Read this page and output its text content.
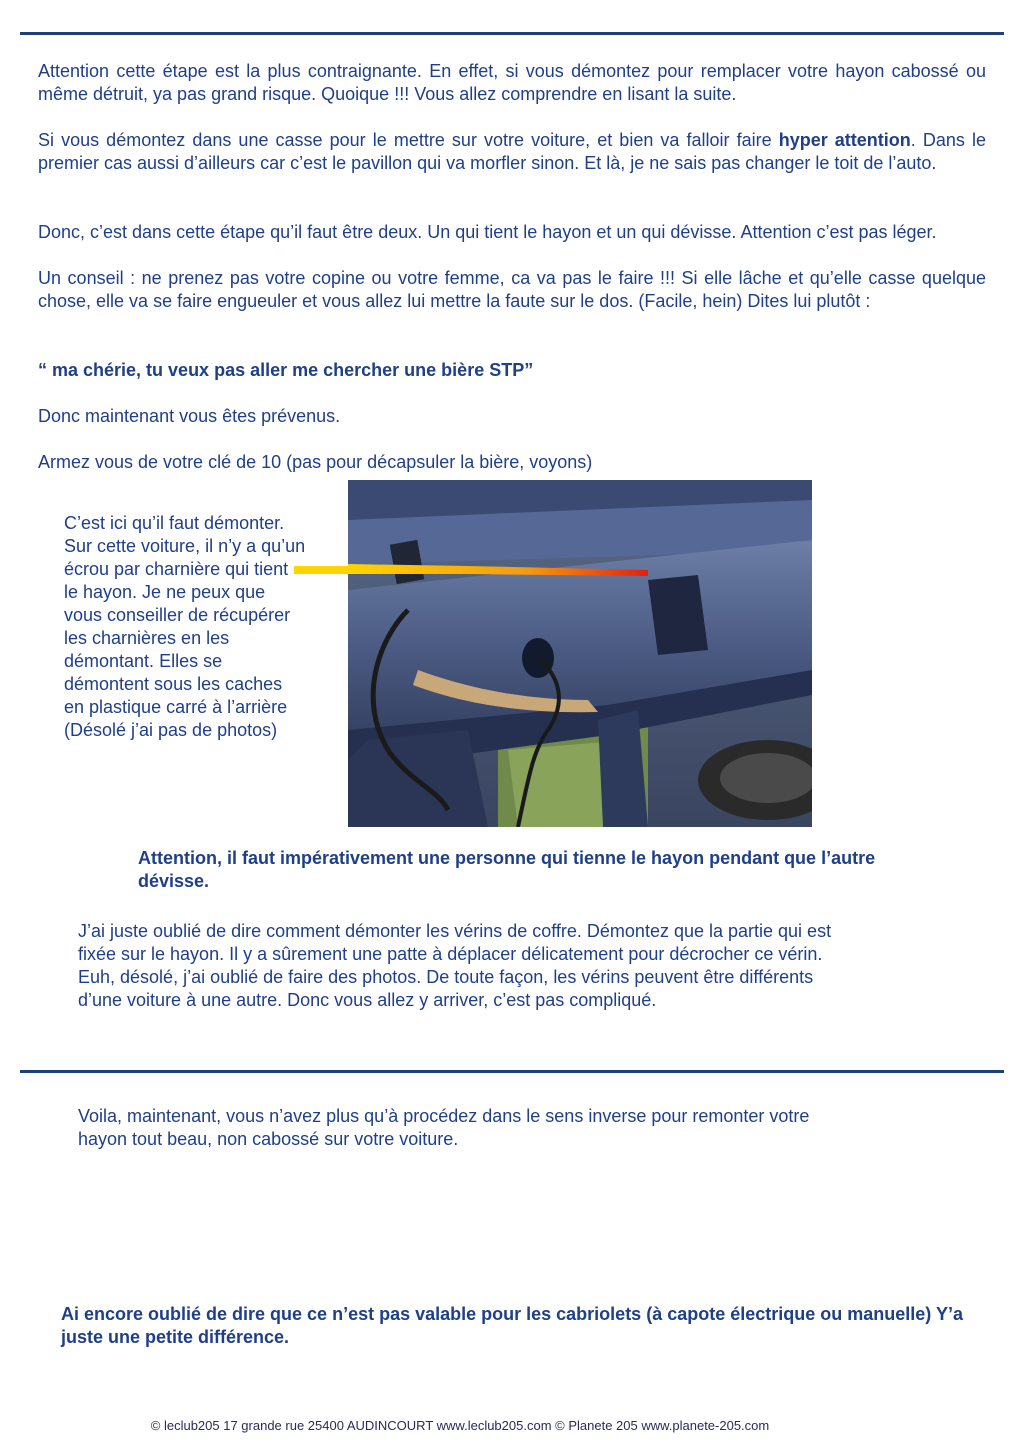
Attention cette étape est la plus contraignante. En effet, si vous démontez pour remplacer votre hayon cabossé ou même détruit, ya pas grand risque. Quoique !!! Vous allez comprendre en lisant la suite.

Si vous démontez dans une casse pour le mettre sur votre voiture, et bien va falloir faire hyper attention. Dans le premier cas aussi d’ailleurs car c’est le pavillon qui va morfler sinon. Et là, je ne sais pas changer le toit de l’auto.

Donc, c’est dans cette étape qu’il faut être deux. Un qui tient le hayon et un qui dévisse. Attention c’est pas léger.

Un conseil : ne prenez pas votre copine ou votre femme, ca va pas le faire !!! Si elle lâche et qu’elle casse quelque chose, elle va se faire engueuler et vous allez lui mettre la faute sur le dos. (Facile, hein) Dites lui plutôt :

“ ma chérie, tu veux pas aller me chercher une bière STP”

Donc maintenant vous êtes prévenus.

Armez vous de votre clé de 10 (pas pour décapsuler la bière, voyons)

C’est ici qu’il faut démonter.
Sur cette voiture, il n’y a qu’un
écrou par charnière qui tient
le hayon. Je ne peux que
vous conseiller de récupérer
les charnières en les
démontant. Elles se
démontent sous les caches
en plastique carré à l’arrière
(Désolé j’ai pas de photos)

Attention, il faut impérativement une personne qui tienne le hayon pendant que l’autre dévisse.

J’ai juste oublié de dire comment démonter les vérins de coffre. Démontez que la partie qui est
fixée sur le hayon. Il y a sûrement une patte à déplacer délicatement pour décrocher ce vérin.
Euh, désolé, j’ai oublié de faire des photos. De toute façon, les vérins peuvent être différents
d’une voiture à une autre. Donc vous allez y arriver, c’est pas compliqué.
Voila, maintenant, vous n’avez plus qu’à procédez dans le sens inverse pour remonter votre
hayon tout beau, non cabossé sur votre voiture.

Ai encore oublié de dire que ce n’est pas valable pour les cabriolets (à capote électrique ou manuelle) Y’a juste une petite différence.

© leclub205 17 grande rue 25400 AUDINCOURT www.leclub205.com © Planete 205 www.planete-205.com
